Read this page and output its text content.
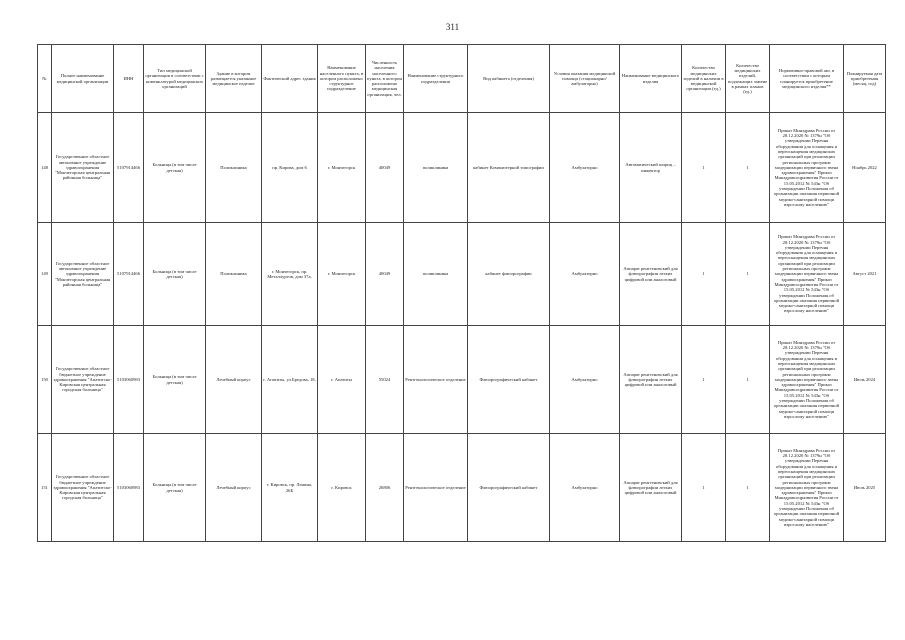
311
№	Полное наименование медицинской организации	ИНН	Тип медицинской организации в соответствии с номенклатурой медицинских организаций	Здание в котором размещается указанное медицинское изделие	Фактический адрес здания	Наименование населенного пункта, в котором расположено структурное подразделение	Численность населения населенного пункта, в котором расположено медицинская организация, чел.	Наименование структурного подразделения	Вид кабинета (отделения)	Условия оказания медицинской помощи (стационарно/амбулаторно)	Наименование медицинского изделия	Количество медицинских изделий в наличии в медицинской организации (ед.)	Количество медицинских изделий, подлежащих замене в рамках планов (ед.)	Нормативно-правовой акт, в соответствии с которым планируется приобретение медицинского изделия**	Планируемая дата приобретения (месяц, год)
148	Государственное областное автономное учреждение здравоохранения "Мончегорская центральная районная больница"	5107914466	Больница (в том числе детская)	Поликлиника	пр. Кирова, дом 6	г. Мончегорск	40049	поликлиника	кабинет Компьютерной томографии	Амбулаторно	Автоматический шприц – инжектор	1	1	Приказ Минздрава России от 28.12.2020 № 1379н "Об утверждении Перечня оборудования для оснащения и переоснащения медицинских организаций при реализации региональных программ модернизации первичного звена здравоохранения" Приказ Минздравсоцразвития России от 15.05.2012 № 543н "Об утверждении Положения об организации оказания первичной медико-санитарной помощи взрослому населению"	Ноябрь 2022
149	Государственное областное автономное учреждение здравоохранения "Мончегорская центральная районная больница"	5107914466	Больница (в том числе детская)	Поликлиника	г. Мончегорск, пр. Металлургов, дом 37а,	г. Мончегорск	40049	поликлиника	кабинет флюорографии	Амбулаторно	Аппарат рентгеновский для флюорографии легких цифровой или аналоговый	1	1	Приказ Минздрава России от 28.12.2020 № 1379н "Об утверждении Перечня оборудования для оснащения и переоснащения медицинских организаций при реализации региональных программ модернизации первичного звена здравоохранения" Приказ Минздравсоцразвития России от 15.05.2012 № 543н "Об утверждении Положения об организации оказания первичной медико-санитарной помощи взрослому населению"	Август 2021
150	Государственное областное бюджетное учреждение здравоохранения "Апатитско-Кировская центральная городская больница"	5103060983	Больница (в том числе детская)	Лечебный корпус	г. Апатиты, ул.Бредова, 18,	г. Апатиты	55024	Рентгенологическое отделение	Флюорографический кабинет	Амбулаторно	Аппарат рентгеновский для флюорографии легких цифровой или аналоговый	1	1	Приказ Минздрава России от 28.12.2020 № 1379н "Об утверждении Перечня оборудования для оснащения и переоснащения медицинских организаций при реализации региональных программ модернизации первичного звена здравоохранения" Приказ Минздравсоцразвития России от 15.05.2012 № 543н "Об утверждении Положения об организации оказания первичной медико-санитарной помощи взрослому населению"	Июль 2024
151	Государственное областное бюджетное учреждение здравоохранения "Апатитско-Кировская центральная городская больница"	5103060983	Больница (в том числе детская)	Лечебный корпус	г. Кировск, пр. Ленина, 26Б	г. Кировск	26806	Рентгенологическое отделение	Флюорографический кабинет	Амбулаторно	Аппарат рентгеновский для флюорографии легких цифровой или аналоговый	1	1	Приказ Минздрава России от 28.12.2020 № 1379н "Об утверждении Перечня оборудования для оснащения и переоснащения медицинских организаций при реализации региональных программ модернизации первичного звена здравоохранения" Приказ Минздравсоцразвития России от 15.05.2012 № 543н "Об утверждении Положения об организации оказания первичной медико-санитарной помощи взрослому населению"	Июль 2025
